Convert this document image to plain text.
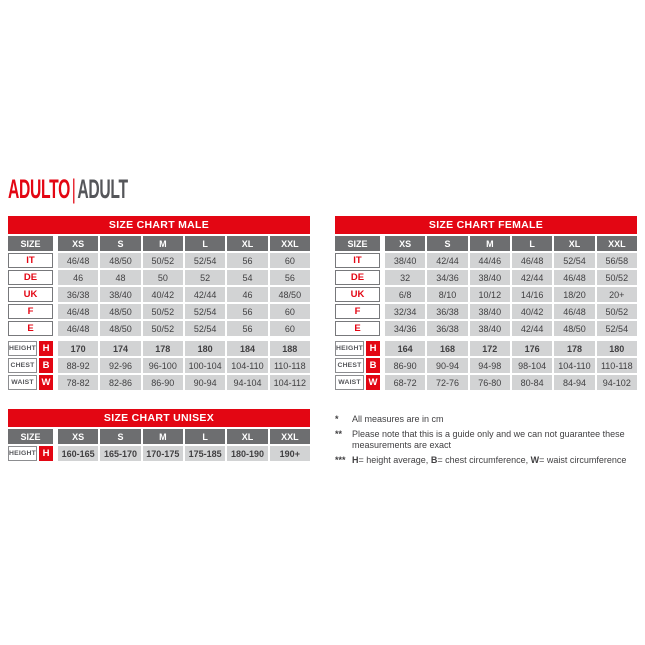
ADULTO|ADULT
SIZE CHART MALE
SIZE	XS	S	M	L	XL	XXL
IT	46/48	48/50	50/52	52/54	56	60
DE	46	48	50	52	54	56
UK	36/38	38/40	40/42	42/44	46	48/50
F	46/48	48/50	50/52	52/54	56	60
E	46/48	48/50	50/52	52/54	56	60
HEIGHT H	170	174	178	180	184	188
CHEST B	88-92	92-96	96-100	100-104	104-110	110-118
WAIST W	78-82	82-86	86-90	90-94	94-104	104-112
SIZE CHART UNISEX
SIZE	XS	S	M	L	XL	XXL
HEIGHT H	160-165	165-170	170-175	175-185	180-190	190+
SIZE CHART FEMALE
SIZE	XS	S	M	L	XL	XXL
IT	38/40	42/44	44/46	46/48	52/54	56/58
DE	32	34/36	38/40	42/44	46/48	50/52
UK	6/8	8/10	10/12	14/16	18/20	20+
F	32/34	36/38	38/40	40/42	46/48	50/52
E	34/36	36/38	38/40	42/44	48/50	52/54
HEIGHT H	164	168	172	176	178	180
CHEST B	86-90	90-94	94-98	98-104	104-110	110-118
WAIST W	68-72	72-76	76-80	80-84	84-94	94-102
*	All measures are in cm
**	Please note that this is a guide only and we can not guarantee these measurements are exact
*** H= height average, B= chest circumference, W= waist circumference
